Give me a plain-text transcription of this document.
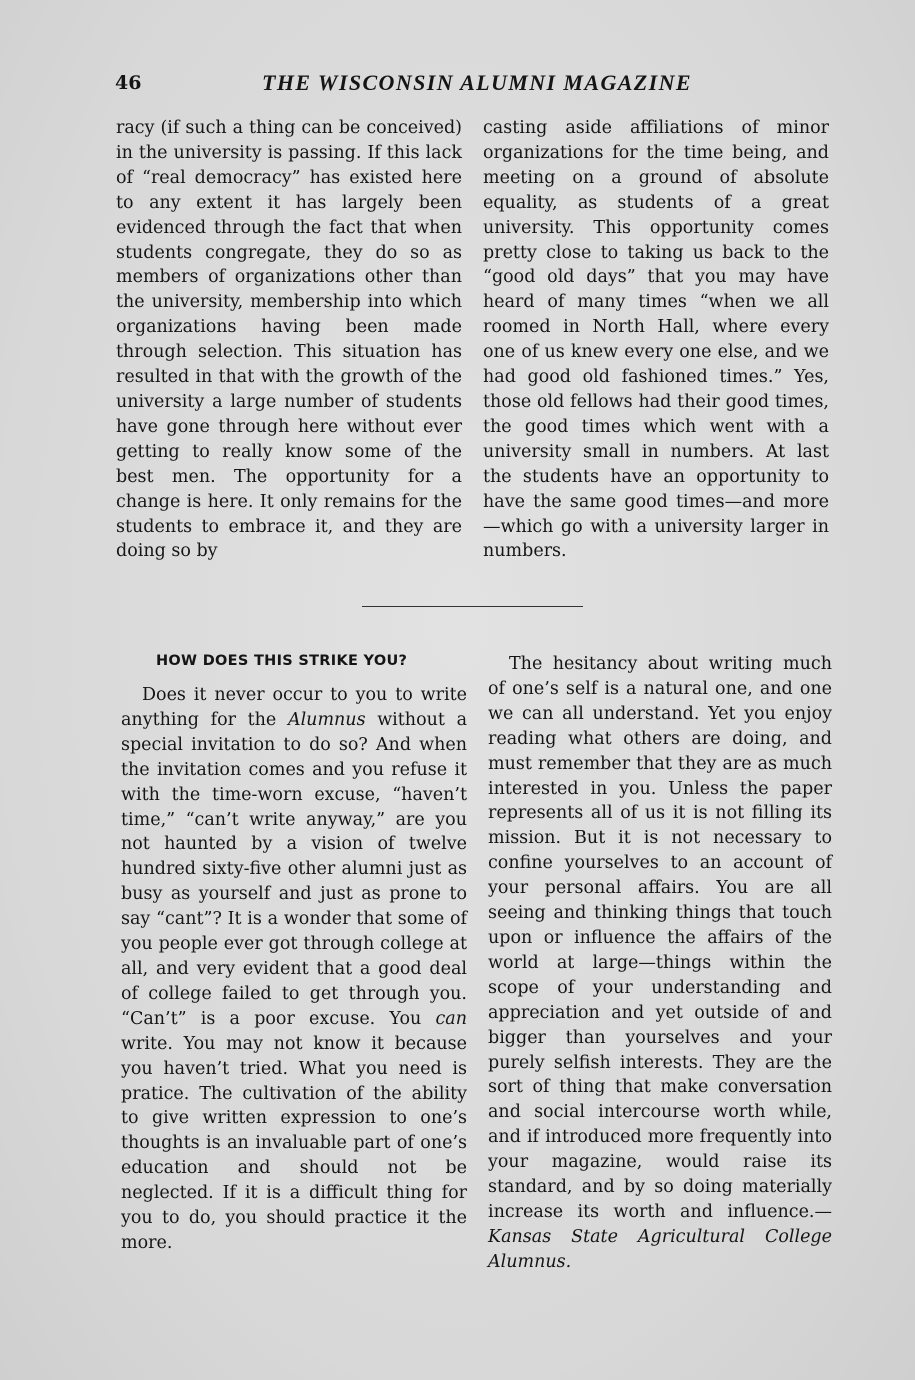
46	THE WISCONSIN ALUMNI MAGAZINE

racy (if such a thing can be conceived) in the university is passing. If this lack of “real democracy” has existed here to any extent it has largely been evidenced through the fact that when students congregate, they do so as members of organizations other than the university, membership into which organizations having been made through selection. This situation has resulted in that with the growth of the university a large number of students have gone through here without ever getting to really know some of the best men. The opportunity for a change is here. It only remains for the students to embrace it, and they are doing so by

casting aside affiliations of minor organizations for the time being, and meeting on a ground of absolute equality, as students of a great university. This opportunity comes pretty close to taking us back to the “good old days” that you may have heard of many times “when we all roomed in North Hall, where every one of us knew every one else, and we had good old fashioned times.” Yes, those old fellows had their good times, the good times which went with a university small in numbers. At last the students have an opportunity to have the same good times—and more—which go with a university larger in numbers.

HOW DOES THIS STRIKE YOU?

Does it never occur to you to write anything for the Alumnus without a special invitation to do so? And when the invitation comes and you refuse it with the time-worn excuse, “haven’t time,” “can’t write anyway,” are you not haunted by a vision of twelve hundred sixty-five other alumni just as busy as yourself and just as prone to say “cant”? It is a wonder that some of you people ever got through college at all, and very evident that a good deal of college failed to get through you. “Can’t” is a poor excuse. You can write. You may not know it because you haven’t tried. What you need is pratice. The cultivation of the ability to give written expression to one’s thoughts is an invaluable part of one’s education and should not be neglected. If it is a difficult thing for you to do, you should practice it the more.

The hesitancy about writing much of one’s self is a natural one, and one we can all understand. Yet you enjoy reading what others are doing, and must remember that they are as much interested in you. Unless the paper represents all of us it is not filling its mission. But it is not necessary to confine yourselves to an account of your personal affairs. You are all seeing and thinking things that touch upon or influence the affairs of the world at large—things within the scope of your understanding and appreciation and yet outside of and bigger than yourselves and your purely selfish interests. They are the sort of thing that make conversation and social intercourse worth while, and if introduced more frequently into your magazine, would raise its standard, and by so doing materially increase its worth and influence.—Kansas State Agricultural College Alumnus.
